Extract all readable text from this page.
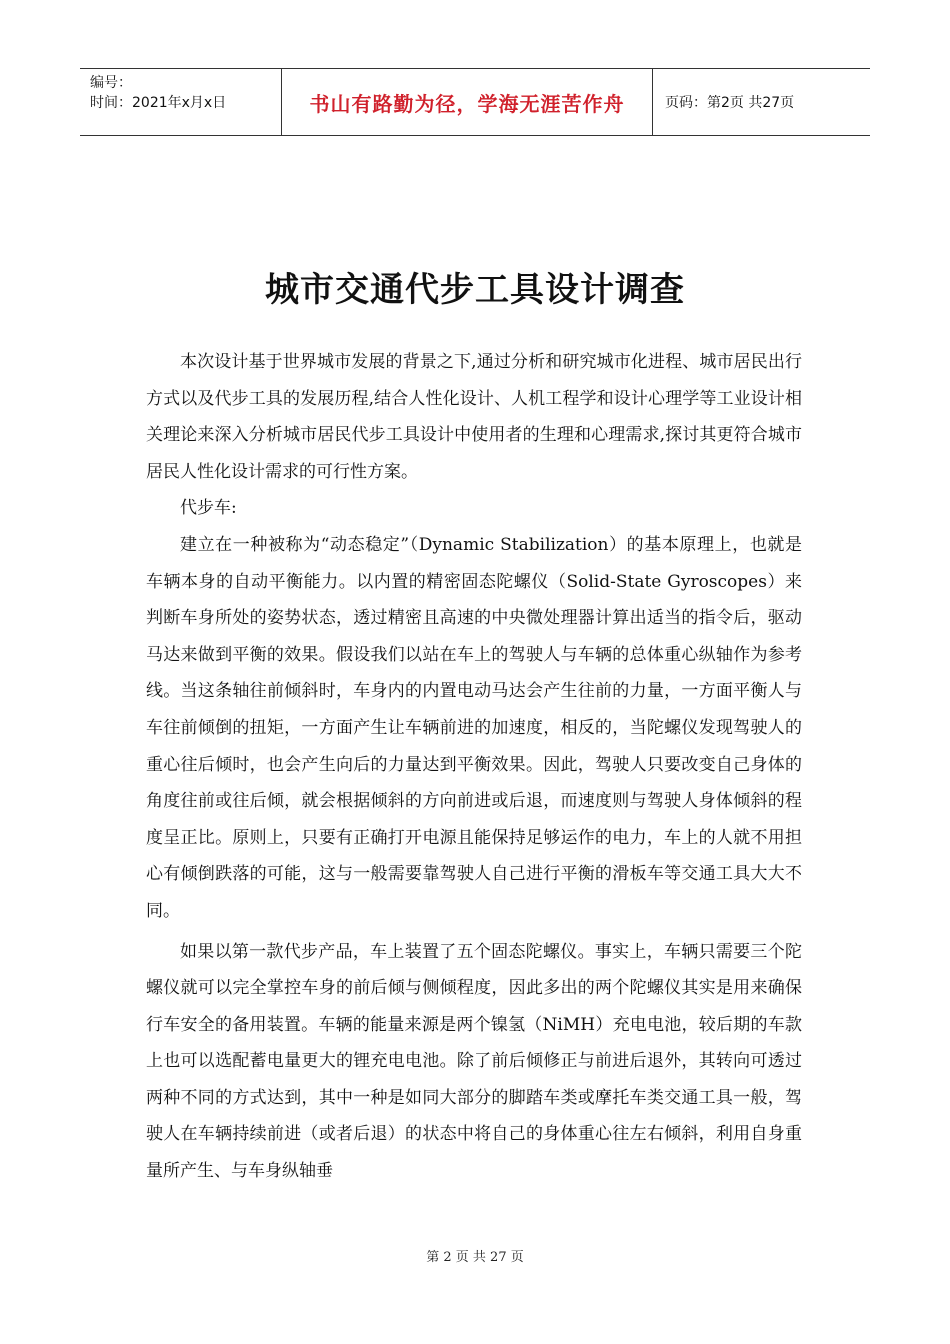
编号：
时间：2021年x月x日	书山有路勤为径，学海无涯苦作舟	页码：第2页 共27页
城市交通代步工具设计调查

本次设计基于世界城市发展的背景之下,通过分析和研究城市化进程、城市居民出行方式以及代步工具的发展历程,结合人性化设计、人机工程学和设计心理学等工业设计相关理论来深入分析城市居民代步工具设计中使用者的生理和心理需求,探讨其更符合城市居民人性化设计需求的可行性方案。

代步车:

建立在一种被称为“动态稳定”（Dynamic Stabilization）的基本原理上，也就是车辆本身的自动平衡能力。以内置的精密固态陀螺仪（Solid-State Gyroscopes）来判断车身所处的姿势状态，透过精密且高速的中央微处理器计算出适当的指令后，驱动马达来做到平衡的效果。假设我们以站在车上的驾驶人与车辆的总体重心纵轴作为参考线。当这条轴往前倾斜时，车身内的内置电动马达会产生往前的力量，一方面平衡人与车往前倾倒的扭矩，一方面产生让车辆前进的加速度，相反的，当陀螺仪发现驾驶人的重心往后倾时，也会产生向后的力量达到平衡效果。因此，驾驶人只要改变自己身体的角度往前或往后倾，就会根据倾斜的方向前进或后退，而速度则与驾驶人身体倾斜的程度呈正比。原则上，只要有正确打开电源且能保持足够运作的电力，车上的人就不用担心有倾倒跌落的可能，这与一般需要靠驾驶人自己进行平衡的滑板车等交通工具大大不同。

如果以第一款代步产品，车上装置了五个固态陀螺仪。事实上，车辆只需要三个陀螺仪就可以完全掌控车身的前后倾与侧倾程度，因此多出的两个陀螺仪其实是用来确保行车安全的备用装置。车辆的能量来源是两个镍氢（NiMH）充电电池，较后期的车款上也可以选配蓄电量更大的锂充电电池。除了前后倾修正与前进后退外，其转向可透过两种不同的方式达到，其中一种是如同大部分的脚踏车类或摩托车类交通工具一般，驾驶人在车辆持续前进（或者后退）的状态中将自己的身体重心往左右倾斜，利用自身重量所产生、与车身纵轴垂

第 2 页 共 27 页
